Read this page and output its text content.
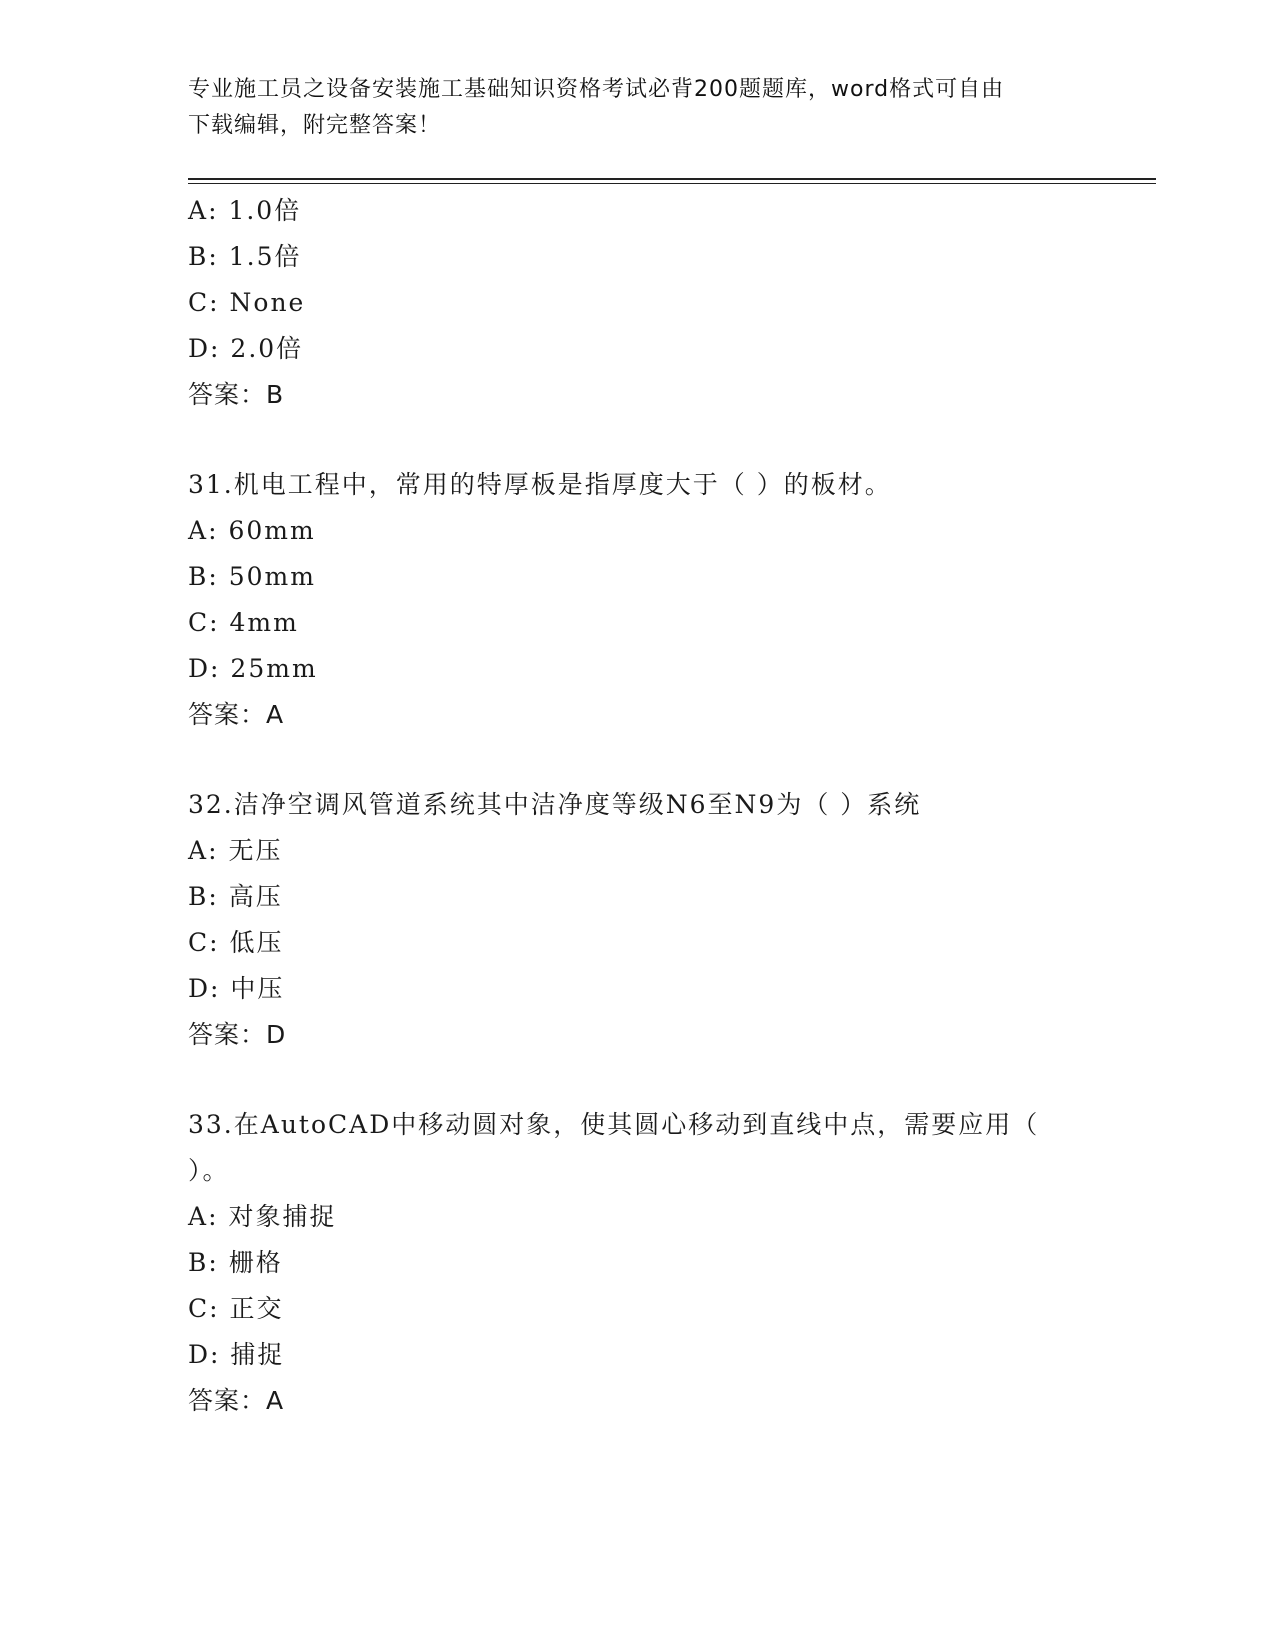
专业施工员之设备安装施工基础知识资格考试必背200题题库，word格式可自由
下载编辑，附完整答案！
A: 1.0倍
B: 1.5倍
C: None
D: 2.0倍
答案：B
31.机电工程中，常用的特厚板是指厚度大于（ ）的板材。
A: 60mm
B: 50mm
C: 4mm
D: 25mm
答案：A
32.洁净空调风管道系统其中洁净度等级N6至N9为（ ）系统
A: 无压
B: 高压
C: 低压
D: 中压
答案：D
33.在AutoCAD中移动圆对象，使其圆心移动到直线中点，需要应用（
）。
A: 对象捕捉
B: 栅格
C: 正交
D: 捕捉
答案：A
